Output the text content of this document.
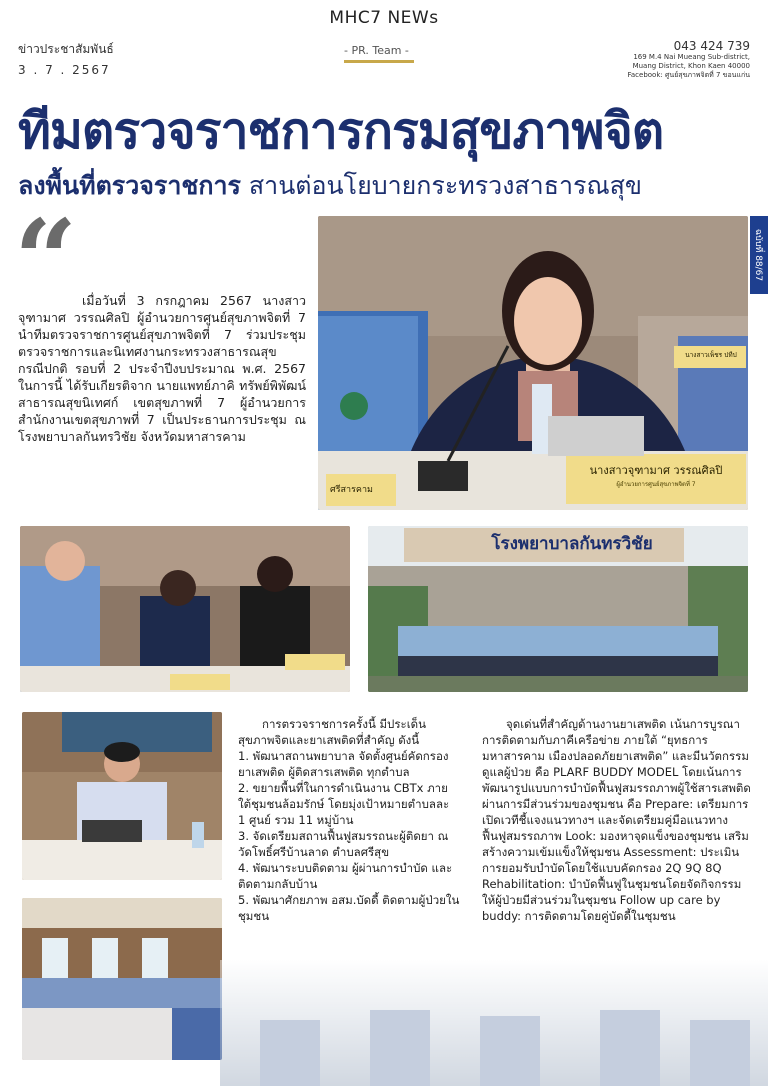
MHC7 NEWs
ข่าวประชาสัมพันธ์
3 . 7 . 2567
- PR. Team -	043 424 739
169 M.4 Nai Mueang Sub-district,
Muang District, Khon Kaen 40000
Facebook: ศูนย์สุขภาพจิตที่ 7 ขอนแก่น
ทีมตรวจราชการกรมสุขภาพจิต
ลงพื้นที่ตรวจราชการ สานต่อนโยบายกระทรวงสาธารณสุข
ฉบับที่ 88/67
“ เมื่อวันที่ 3 กรกฎาคม 2567 นางสาวจุฑามาศ วรรณศิลปิ ผู้อำนวยการศูนย์สุขภาพจิตที่ 7 นำทีมตรวจราชการศูนย์สุขภาพจิตที่ 7 ร่วมประชุมตรวจราชการและนิเทศงานกระทรวงสาธารณสุข กรณีปกติ รอบที่ 2 ประจำปีงบประมาณ พ.ศ. 2567 ในการนี้ ได้รับเกียรติจาก นายแพทย์ภาคิ ทรัพย์พิพัฒน์ สาธารณสุขนิเทศก์ เขตสุขภาพที่ 7 ผู้อำนวยการสำนักงานเขตสุขภาพที่ 7 เป็นประธานการประชุม ณ โรงพยาบาลกันทรวิชัย จังหวัดมหาสารคาม
นางสาวจุฑามาศ วรรณศิลปิ
ผู้อำนวยการศูนย์สุขภาพจิตที่ 7
นางสาวเพ็ชร ปทีป
ศรีสารคาม
โรงพยาบาลกันทรวิชัย

การตรวจราชการครั้งนี้ มีประเด็นสุขภาพจิตและยาเสพติดที่สำคัญ ดังนี้

1. พัฒนาสถานพยาบาล จัดตั้งศูนย์คัดกรอง ยาเสพติด ผู้ติดสารเสพติด ทุกตำบล

2. ขยายพื้นที่ในการดำเนินงาน CBTx ภายใต้ชุมชนล้อมรักษ์ โดยมุ่งเป้าหมายตำบลละ 1 ศูนย์ รวม 11 หมู่บ้าน

3. จัดเตรียมสถานฟื้นฟูสมรรถนะผู้ติดยา ณ วัดโพธิ์ศรีบ้านลาด ตำบลศรีสุข

4. พัฒนาระบบติดตาม ผู้ผ่านการบำบัด และติดตามกลับบ้าน

5. พัฒนาศักยภาพ อสม.บัดดี้ ติดตามผู้ป่วยในชุมชน

จุดเด่นที่สำคัญด้านงานยาเสพติด เน้นการบูรณาการติดตามกับภาคีเครือข่าย ภายใต้ “ยุทธการมหาสารคาม เมืองปลอดภัยยาเสพติด” และมีนวัตกรรมดูแลผู้ป่วย คือ PLARF BUDDY MODEL โดยเน้นการพัฒนารูปแบบการบำบัดฟื้นฟูสมรรถภาพผู้ใช้สารเสพติด ผ่านการมีส่วนร่วมของชุมชน คือ Prepare: เตรียมการ เปิดเวทีชี้แจงแนวทางฯ และจัดเตรียมคู่มือแนวทางฟื้นฟูสมรรถภาพ Look: มองหาจุดแข็งของชุมชน เสริมสร้างความเข้มแข็งให้ชุมชน Assessment: ประเมินการยอมรับบำบัดโดยใช้แบบคัดกรอง 2Q 9Q 8Q Rehabilitation: บำบัดฟื้นฟูในชุมชนโดยจัดกิจกรรมให้ผู้ป่วยมีส่วนร่วมในชุมชน Follow up care by buddy: การติดตามโดยคู่บัดดี้ในชุมชน
